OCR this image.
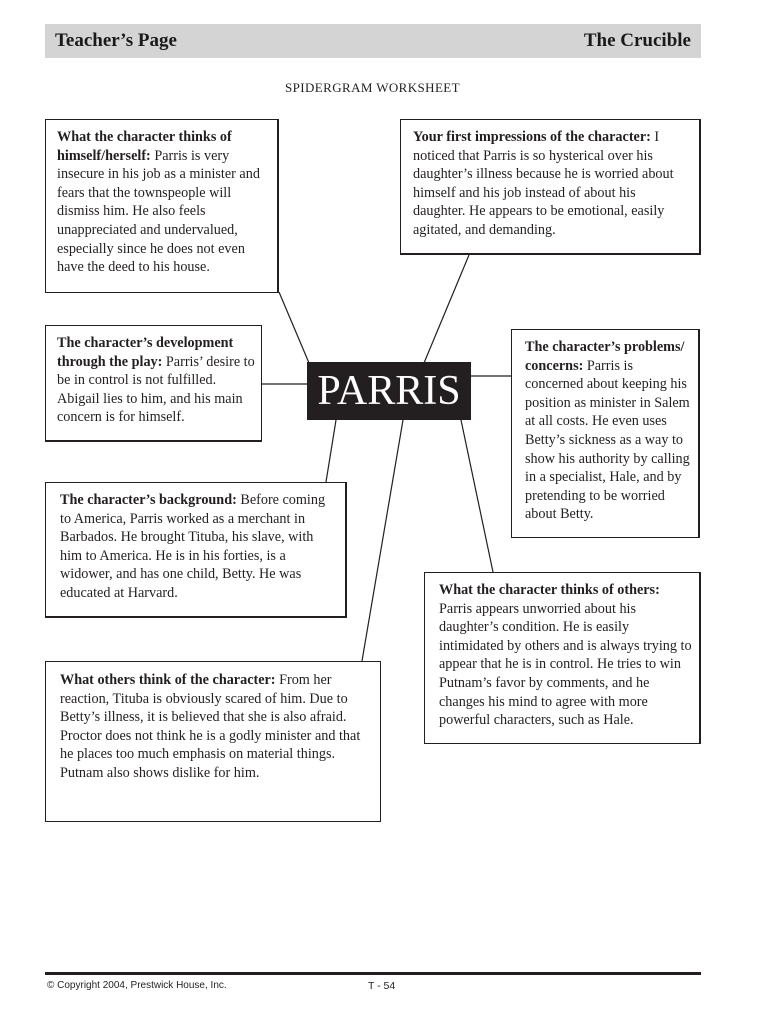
Teacher’s Page	The Crucible
SPIDERGRAM WORKSHEET
What the character thinks of himself/herself: Parris is very insecure in his job as a minister and fears that the townspeople will dismiss him. He also feels unappreciated and undervalued, especially since he does not even have the deed to his house.
Your first impressions of the character: I noticed that Parris is so hysterical over his daughter’s illness because he is worried about himself and his job instead of about his daughter. He appears to be emotional, easily agitated, and demanding.
The character’s development through the play: Parris’ desire to be in control is not fulfilled. Abigail lies to him, and his main concern is for himself.
PARRIS
The character’s problems/ concerns: Parris is concerned about keeping his position as minister in Salem at all costs. He even uses Betty’s sickness as a way to show his authority by calling in a specialist, Hale, and by pretending to be worried about Betty.
The character’s background: Before coming to America, Parris worked as a merchant in Barbados. He brought Tituba, his slave, with him to America. He is in his forties, is a widower, and has one child, Betty. He was educated at Harvard.	What the character thinks of others: Parris appears unworried about his daughter’s condition. He is easily intimidated by others and is always trying to appear that he is in control. He tries to win Putnam’s favor by comments, and he changes his mind to agree with more powerful characters, such as Hale.
What others think of the character: From her reaction, Tituba is obviously scared of him. Due to Betty’s illness, it is believed that she is also afraid. Proctor does not think he is a godly minister and that he places too much emphasis on material things. Putnam also shows dislike for him.
© Copyright 2004, Prestwick House, Inc.	T - 54
